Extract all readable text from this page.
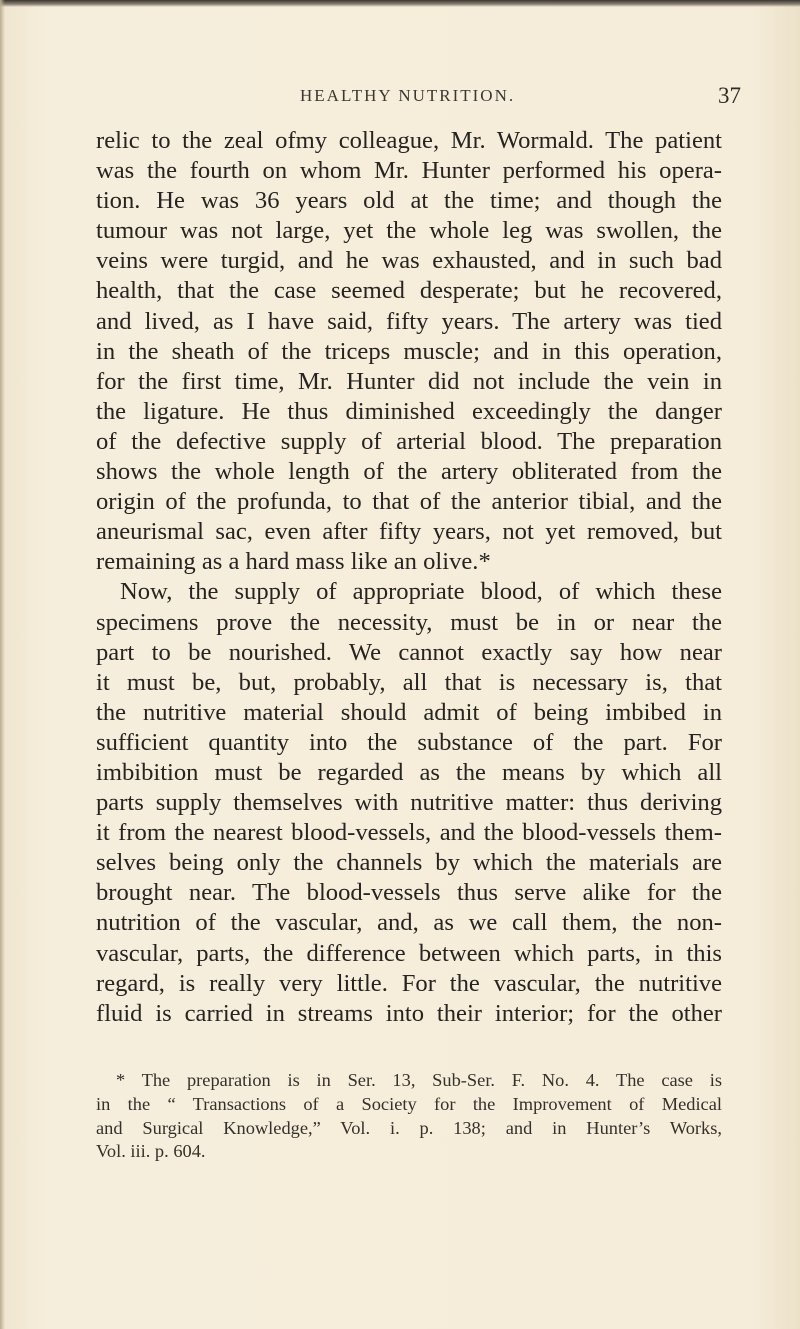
HEALTHY NUTRITION.	37
relic to the zeal ofmy colleague, Mr. Wormald. The patient
was the fourth on whom Mr. Hunter performed his opera-
tion. He was 36 years old at the time; and though the
tumour was not large, yet the whole leg was swollen, the
veins were turgid, and he was exhausted, and in such bad
health, that the case seemed desperate; but he recovered,
and lived, as I have said, fifty years. The artery was tied
in the sheath of the triceps muscle; and in this operation,
for the first time, Mr. Hunter did not include the vein in
the ligature. He thus diminished exceedingly the danger
of the defective supply of arterial blood. The preparation
shows the whole length of the artery obliterated from the
origin of the profunda, to that of the anterior tibial, and the
aneurismal sac, even after fifty years, not yet removed, but
remaining as a hard mass like an olive.*
Now, the supply of appropriate blood, of which these
specimens prove the necessity, must be in or near the
part to be nourished. We cannot exactly say how near
it must be, but, probably, all that is necessary is, that
the nutritive material should admit of being imbibed in
sufficient quantity into the substance of the part. For
imbibition must be regarded as the means by which all
parts supply themselves with nutritive matter: thus deriving
it from the nearest blood-vessels, and the blood-vessels them-
selves being only the channels by which the materials are
brought near. The blood-vessels thus serve alike for the
nutrition of the vascular, and, as we call them, the non-
vascular, parts, the difference between which parts, in this
regard, is really very little. For the vascular, the nutritive
fluid is carried in streams into their interior; for the other
* The preparation is in Ser. 13, Sub-Ser. F. No. 4. The case is
in the “ Transactions of a Society for the Improvement of Medical
and Surgical Knowledge,” Vol. i. p. 138; and in Hunter’s Works,
Vol. iii. p. 604.
